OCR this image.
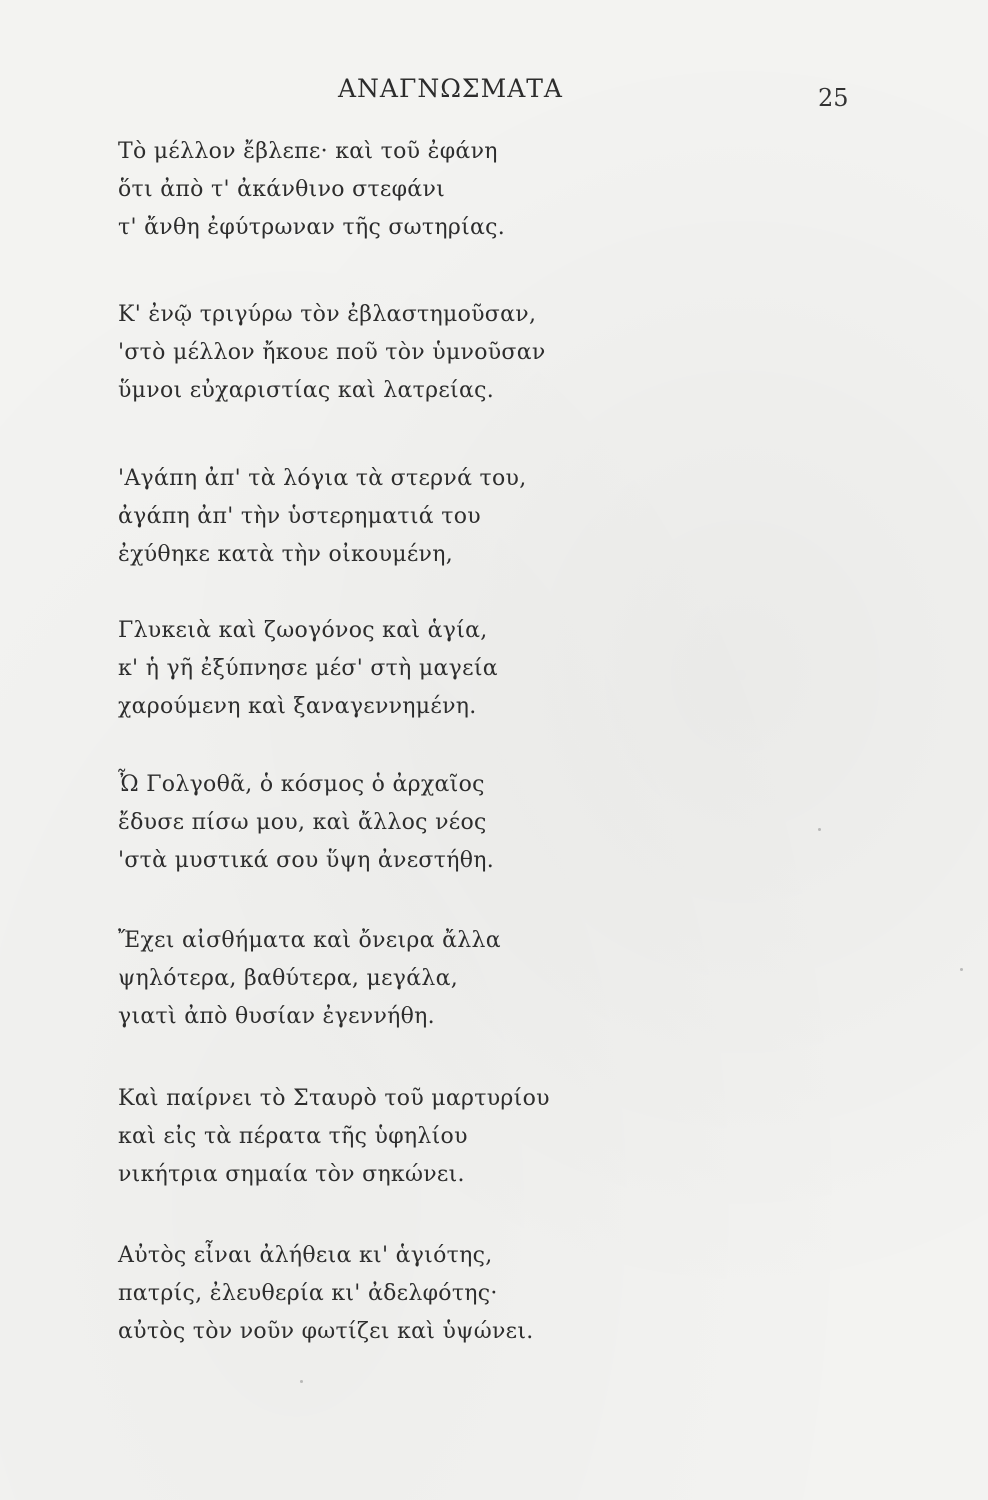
ΑΝΑΓΝΩΣΜΑΤΑ	25
Τὸ μέλλον ἔβλεπε· καὶ τοῦ ἐφάνη
ὅτι ἀπὸ τ' ἀκάνθινο στεφάνι
τ' ἄνθη ἐφύτρωναν τῆς σωτηρίας.
Κ' ἐνῷ τριγύρω τὸν ἐβλαστημοῦσαν,
'στὸ μέλλον ἤκουε ποῦ τὸν ὑμνοῦσαν
ὕμνοι εὐχαριστίας καὶ λατρείας.
'Αγάπη ἀπ' τὰ λόγια τὰ στερνά του,
ἀγάπη ἀπ' τὴν ὑστερηματιά του
ἐχύθηκε κατὰ τὴν οἰκουμένη,
Γλυκειὰ καὶ ζωογόνος καὶ ἁγία,
κ' ἡ γῆ ἐξύπνησε μέσ' στὴ μαγεία
χαρούμενη καὶ ξαναγεννημένη.
Ὦ Γολγοθᾶ, ὁ κόσμος ὁ ἀρχαῖος
ἔδυσε πίσω μου, καὶ ἄλλος νέος
'στὰ μυστικά σου ὕψη ἀνεστήθη.
Ἔχει αἰσθήματα καὶ ὄνειρα ἄλλα
ψηλότερα, βαθύτερα, μεγάλα,
γιατὶ ἀπὸ θυσίαν ἐγεννήθη.
Καὶ παίρνει τὸ Σταυρὸ τοῦ μαρτυρίου
καὶ εἰς τὰ πέρατα τῆς ὑφηλίου
νικήτρια σημαία τὸν σηκώνει.
Αὐτὸς εἶναι ἀλήθεια κι' ἁγιότης,
πατρίς, ἐλευθερία κι' ἀδελφότης·
αὐτὸς τὸν νοῦν φωτίζει καὶ ὑψώνει.
